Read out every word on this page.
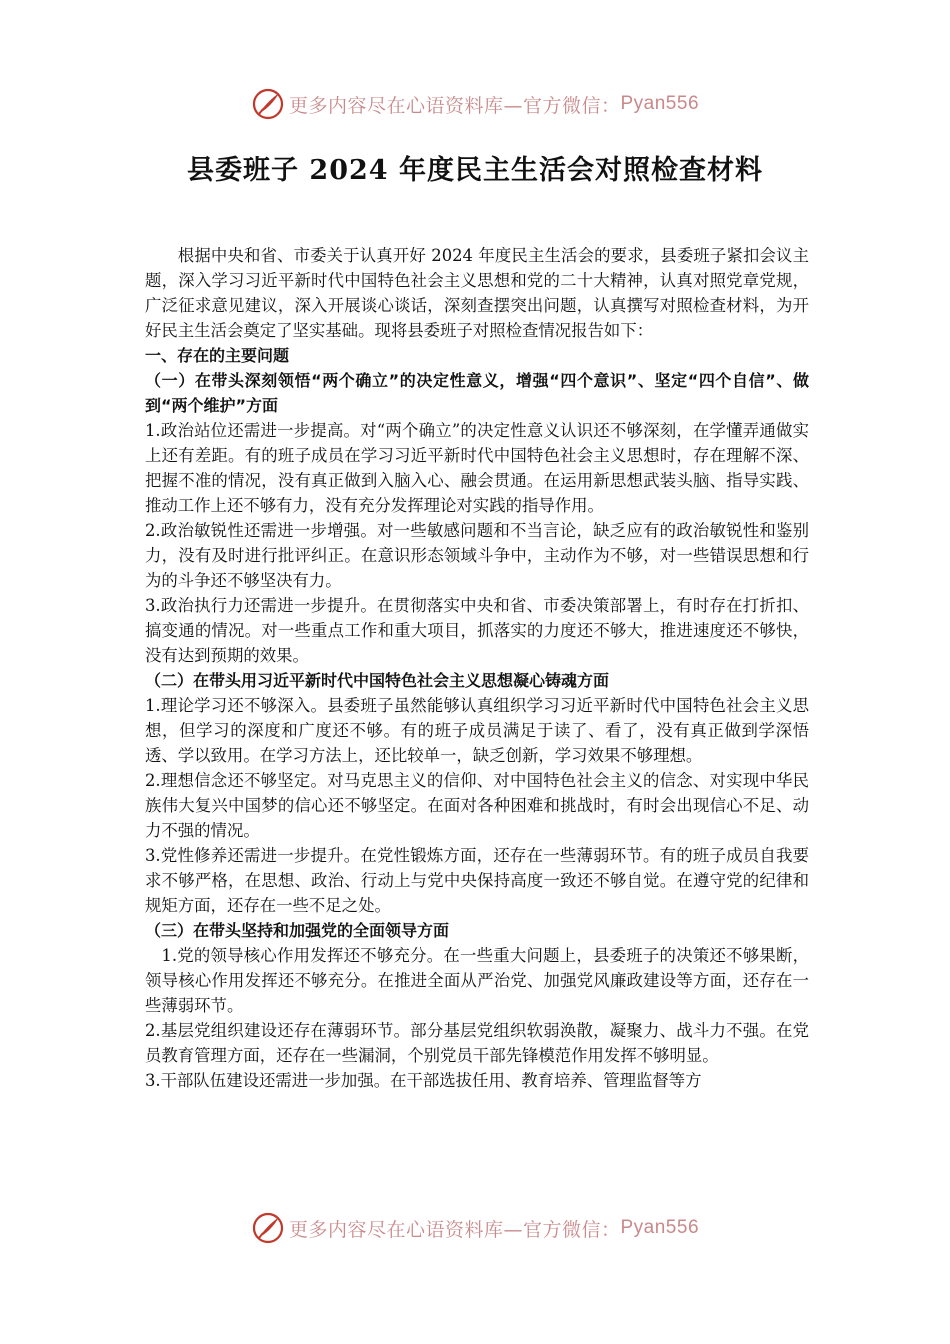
更多内容尽在心语资料库—官方微信： Pyan556
县委班子 2024 年度民主生活会对照检查材料

根据中央和省、市委关于认真开好 2024 年度民主生活会的要求，县委班子紧扣会议主题，深入学习习近平新时代中国特色社会主义思想和党的二十大精神，认真对照党章党规，广泛征求意见建议，深入开展谈心谈话，深刻查摆突出问题，认真撰写对照检查材料，为开好民主生活会奠定了坚实基础。现将县委班子对照检查情况报告如下：

一、存在的主要问题

（一）在带头深刻领悟“两个确立”的决定性意义，增强“四个意识”、坚定“四个自信”、做到“两个维护”方面

1.政治站位还需进一步提高。对“两个确立”的决定性意义认识还不够深刻，在学懂弄通做实上还有差距。有的班子成员在学习习近平新时代中国特色社会主义思想时，存在理解不深、把握不准的情况，没有真正做到入脑入心、融会贯通。在运用新思想武装头脑、指导实践、推动工作上还不够有力，没有充分发挥理论对实践的指导作用。

2.政治敏锐性还需进一步增强。对一些敏感问题和不当言论，缺乏应有的政治敏锐性和鉴别力，没有及时进行批评纠正。在意识形态领域斗争中，主动作为不够，对一些错误思想和行为的斗争还不够坚决有力。

3.政治执行力还需进一步提升。在贯彻落实中央和省、市委决策部署上，有时存在打折扣、搞变通的情况。对一些重点工作和重大项目，抓落实的力度还不够大，推进速度还不够快，没有达到预期的效果。

（二）在带头用习近平新时代中国特色社会主义思想凝心铸魂方面

1.理论学习还不够深入。县委班子虽然能够认真组织学习习近平新时代中国特色社会主义思想，但学习的深度和广度还不够。有的班子成员满足于读了、看了，没有真正做到学深悟透、学以致用。在学习方法上，还比较单一，缺乏创新，学习效果不够理想。

2.理想信念还不够坚定。对马克思主义的信仰、对中国特色社会主义的信念、对实现中华民族伟大复兴中国梦的信心还不够坚定。在面对各种困难和挑战时，有时会出现信心不足、动力不强的情况。

3.党性修养还需进一步提升。在党性锻炼方面，还存在一些薄弱环节。有的班子成员自我要求不够严格，在思想、政治、行动上与党中央保持高度一致还不够自觉。在遵守党的纪律和规矩方面，还存在一些不足之处。

（三）在带头坚持和加强党的全面领导方面

1.党的领导核心作用发挥还不够充分。在一些重大问题上，县委班子的决策还不够果断，领导核心作用发挥还不够充分。在推进全面从严治党、加强党风廉政建设等方面，还存在一些薄弱环节。

2.基层党组织建设还存在薄弱环节。部分基层党组织软弱涣散，凝聚力、战斗力不强。在党员教育管理方面，还存在一些漏洞，个别党员干部先锋模范作用发挥不够明显。

3.干部队伍建设还需进一步加强。在干部选拔任用、教育培养、管理监督等方

更多内容尽在心语资料库—官方微信： Pyan556
